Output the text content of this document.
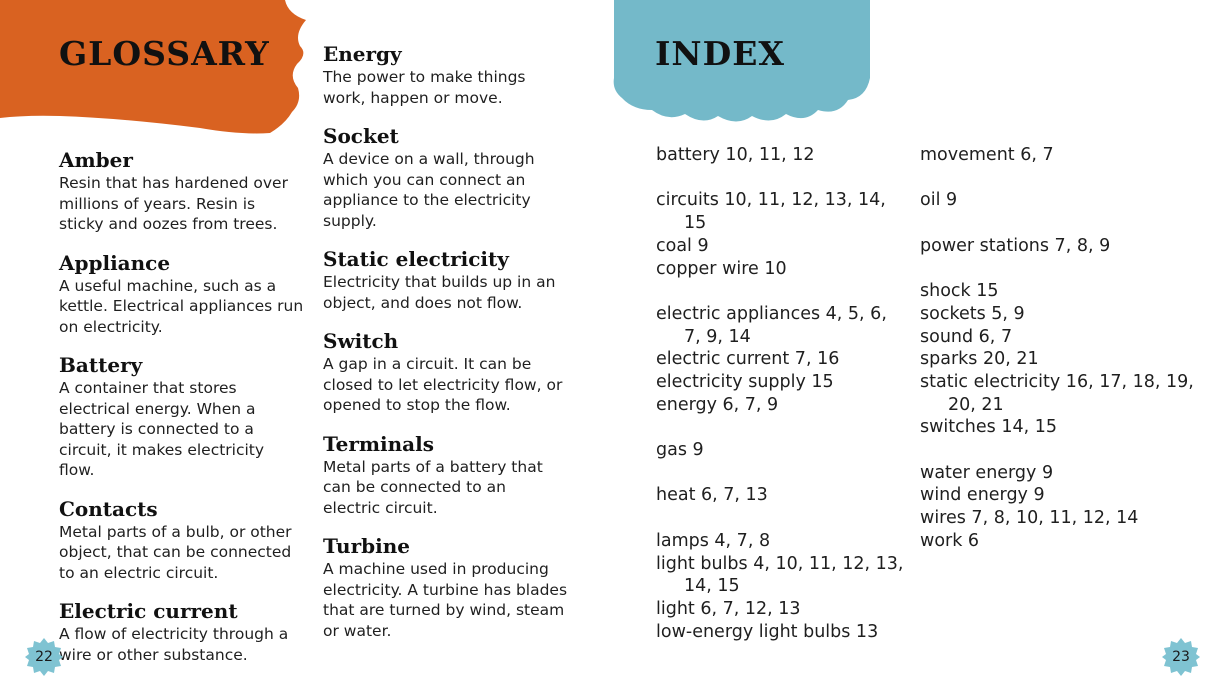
GLOSSARY	INDEX
Amber
Resin that has hardened over millions of years. Resin is sticky and oozes from trees.
Appliance
A useful machine, such as a kettle. Electrical appliances run on electricity.
Battery
A container that stores electrical energy. When a battery is connected to a circuit, it makes electricity flow.
Contacts
Metal parts of a bulb, or other object, that can be connected to an electric circuit.
Electric current
A flow of electricity through a wire or other substance.
Energy
The power to make things work, happen or move.
Socket
A device on a wall, through which you can connect an appliance to the electricity supply.
Static electricity
Electricity that builds up in an object, and does not flow.
Switch
A gap in a circuit. It can be closed to let electricity flow, or opened to stop the flow.
Terminals
Metal parts of a battery that can be connected to an electric circuit.
Turbine
A machine used in producing electricity. A turbine has blades that are turned by wind, steam or water.
battery 10, 11, 12
circuits 10, 11, 12, 13, 14, 15
coal 9
copper wire 10
electric appliances 4, 5, 6, 7, 9, 14
electric current 7, 16
electricity supply 15
energy 6, 7, 9
gas 9
heat 6, 7, 13
lamps 4, 7, 8
light bulbs 4, 10, 11, 12, 13, 14, 15
light 6, 7, 12, 13
low-energy light bulbs 13
movement 6, 7
oil 9
power stations 7, 8, 9
shock 15
sockets 5, 9
sound 6, 7
sparks 20, 21
static electricity 16, 17, 18, 19, 20, 21
switches 14, 15
water energy 9
wind energy 9
wires 7, 8, 10, 11, 12, 14
work 6
22	23
